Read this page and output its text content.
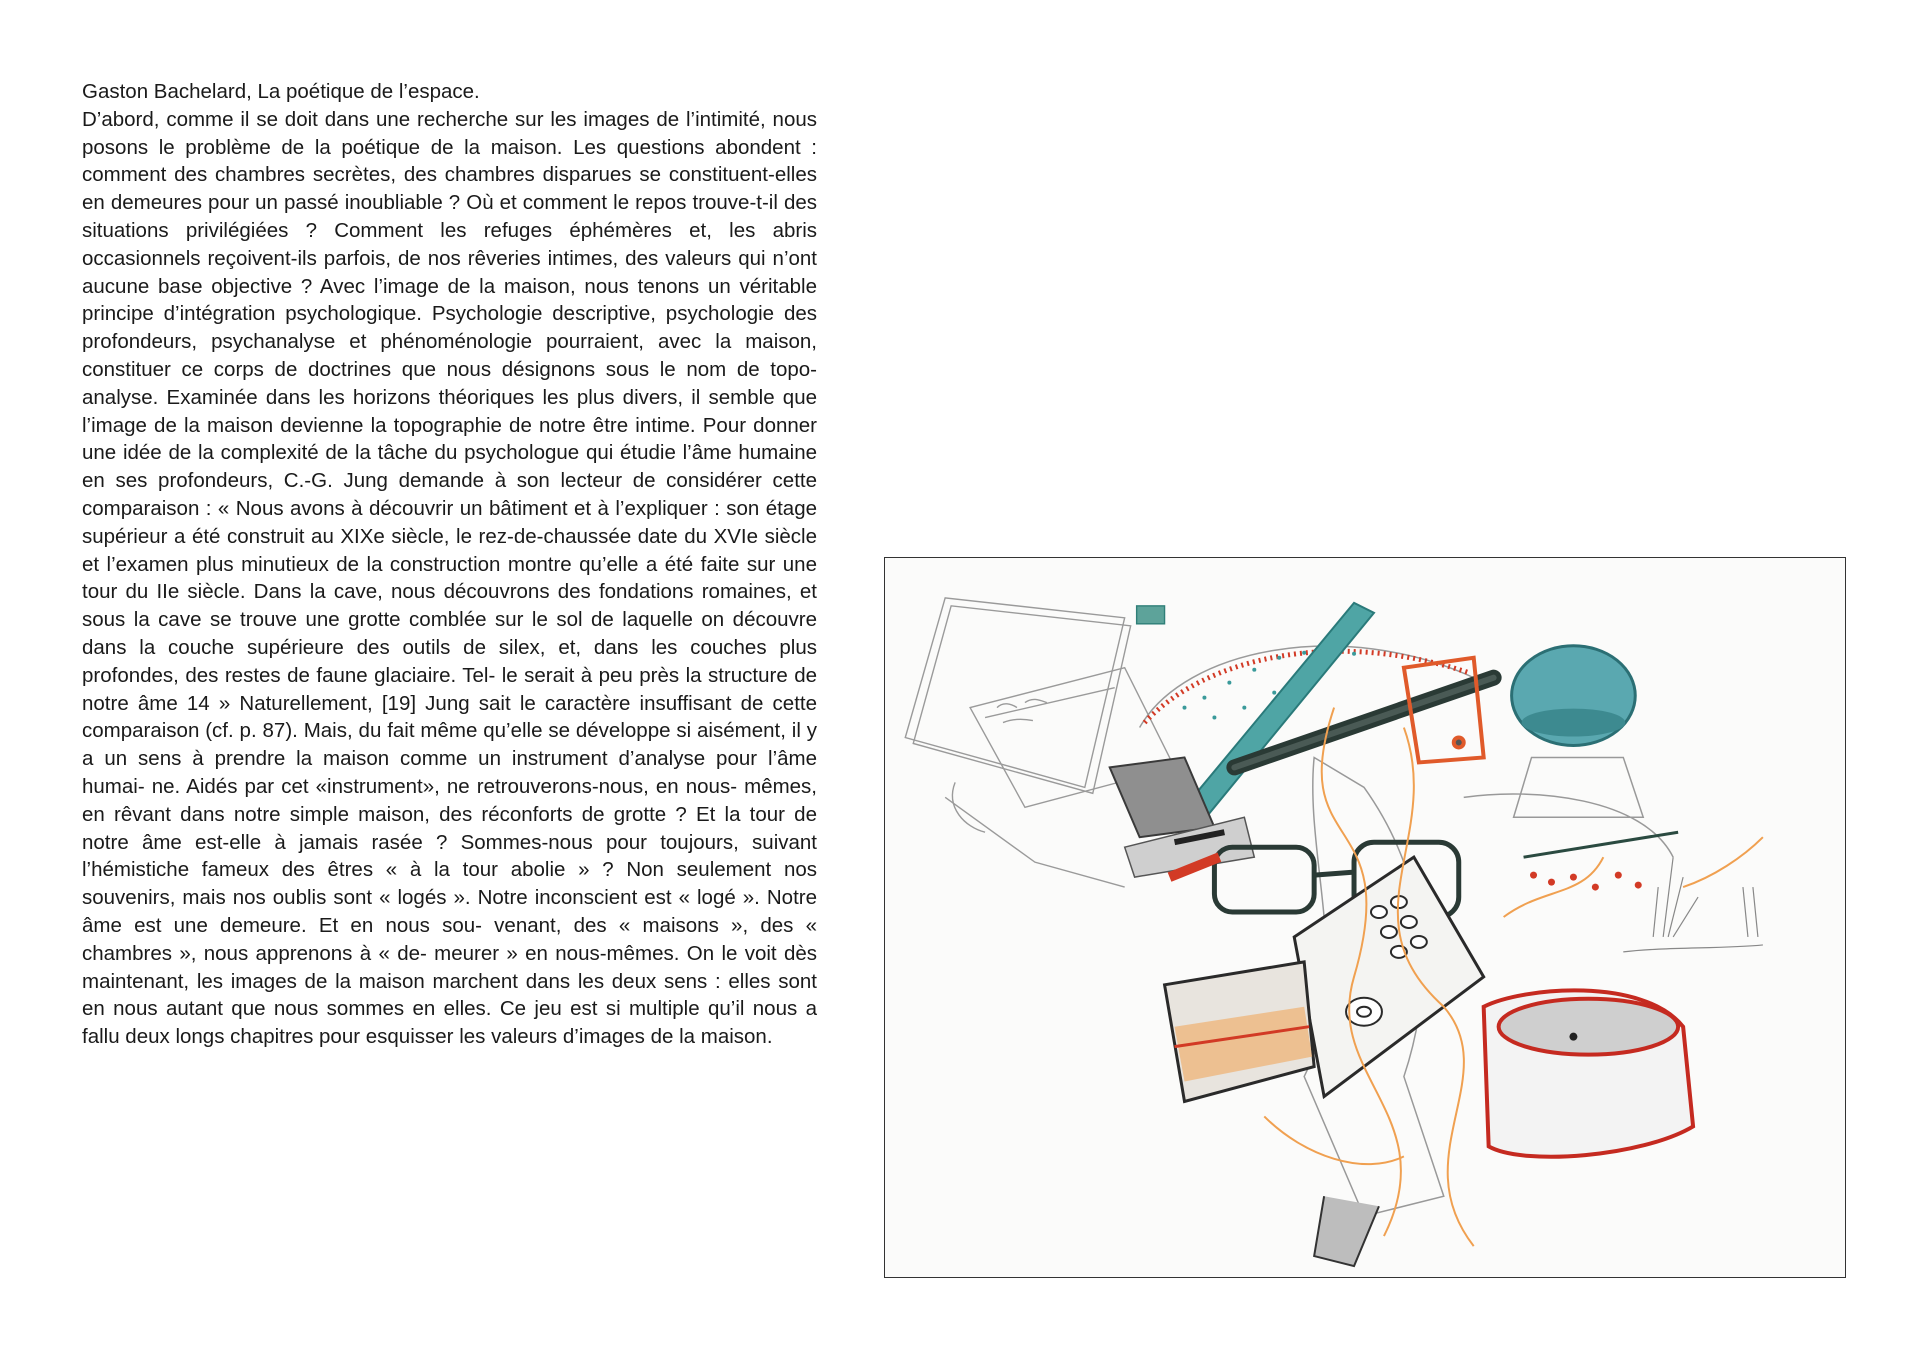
Gaston Bachelard, La poétique de l’espace.

D’abord, comme il se doit dans une recherche sur les images de l’intimité, nous posons le problème de la poétique de la maison. Les questions abondent : comment des chambres secrètes, des chambres disparues se constituent-elles en demeures pour un passé inoubliable ? Où et comment le repos trouve-t-il des situations privilégiées ? Comment les refuges éphémères et, les abris occasionnels reçoivent-ils parfois, de nos rêveries intimes, des valeurs qui n’ont aucune base objective ? Avec l’image de la maison, nous tenons un véritable principe d’intégration psychologique. Psychologie descriptive, psychologie des profondeurs, psychanalyse et phénoménologie pourraient, avec la maison, constituer ce corps de doctrines que nous désignons sous le nom de topo-analyse. Examinée dans les horizons théoriques les plus divers, il semble que l’image de la maison devienne la topographie de notre être intime. Pour donner une idée de la complexité de la tâche du psychologue qui étudie l’âme humaine en ses profondeurs, C.-G. Jung demande à son lecteur de considérer cette comparaison : « Nous avons à découvrir un bâtiment et à l’expliquer : son étage supérieur a été construit au XIXe siècle, le rez-de-chaussée date du XVIe siècle et l’examen plus minutieux de la construction montre qu’elle a été faite sur une tour du IIe siècle. Dans la cave, nous découvrons des fondations romaines, et sous la cave se trouve une grotte comblée sur le sol de laquelle on découvre dans la couche supérieure des outils de silex, et, dans les couches plus profondes, des restes de faune glaciaire. Tel- le serait à peu près la structure de notre âme 14 » Naturellement, [19] Jung sait le caractère insuffisant de cette comparaison (cf. p. 87). Mais, du fait même qu’elle se développe si aisément, il y a un sens à prendre la maison comme un instrument d’analyse pour l’âme humai- ne. Aidés par cet «instrument», ne retrouverons-nous, en nous- mêmes, en rêvant dans notre simple maison, des réconforts de grotte ? Et la tour de notre âme est-elle à jamais rasée ? Sommes-nous pour toujours, suivant l’hémistiche fameux des êtres « à la tour abolie » ? Non seulement nos souvenirs, mais nos oublis sont « logés ». Notre inconscient est « logé ». Notre âme est une demeure. Et en nous sou- venant, des « maisons », des « chambres », nous apprenons à « de- meurer » en nous-mêmes. On le voit dès maintenant, les images de la maison marchent dans les deux sens : elles sont en nous autant que nous sommes en elles. Ce jeu est si multiple qu’il nous a fallu deux longs chapitres pour esquisser les valeurs d’images de la maison.
